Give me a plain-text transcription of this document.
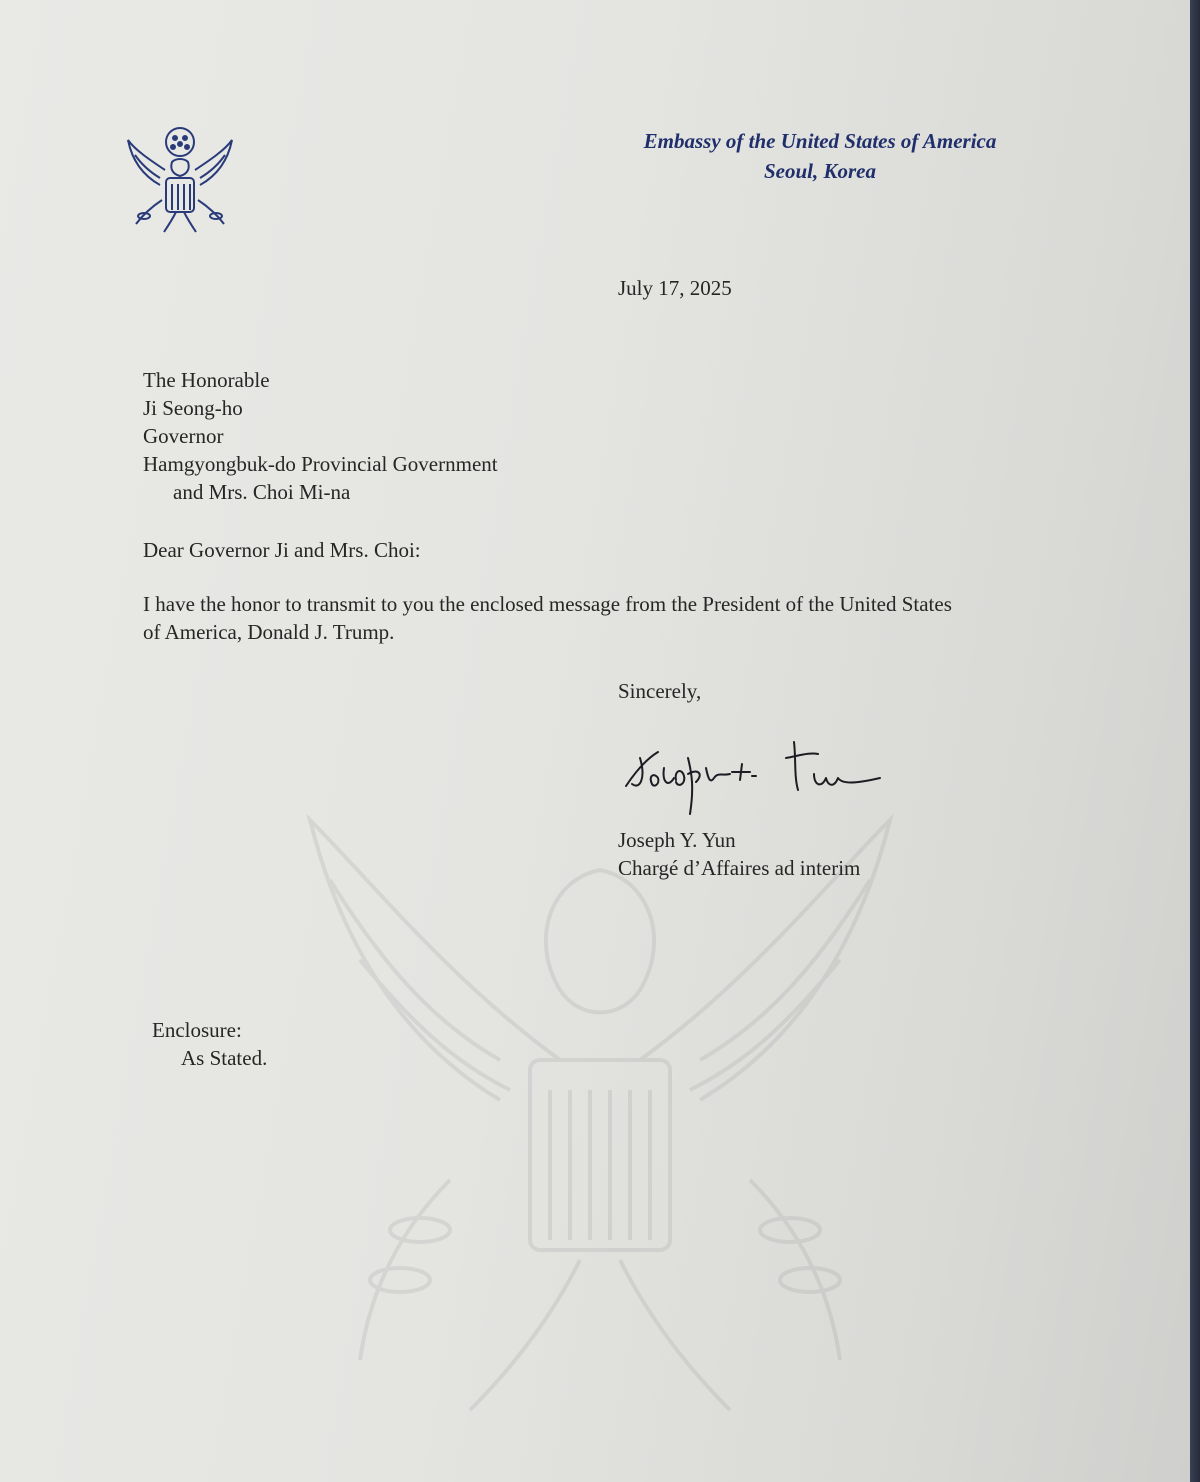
Embassy of the United States of America
Seoul, Korea
July 17, 2025
The Honorable
Ji Seong-ho
Governor
Hamgyongbuk-do Provincial Government
and Mrs. Choi Mi-na
Dear Governor Ji and Mrs. Choi:
I have the honor to transmit to you the enclosed message from the President of the United States
of America, Donald J. Trump.
Sincerely,
Joseph Y. Yun
Chargé d’Affaires ad interim
Enclosure:
As Stated.
